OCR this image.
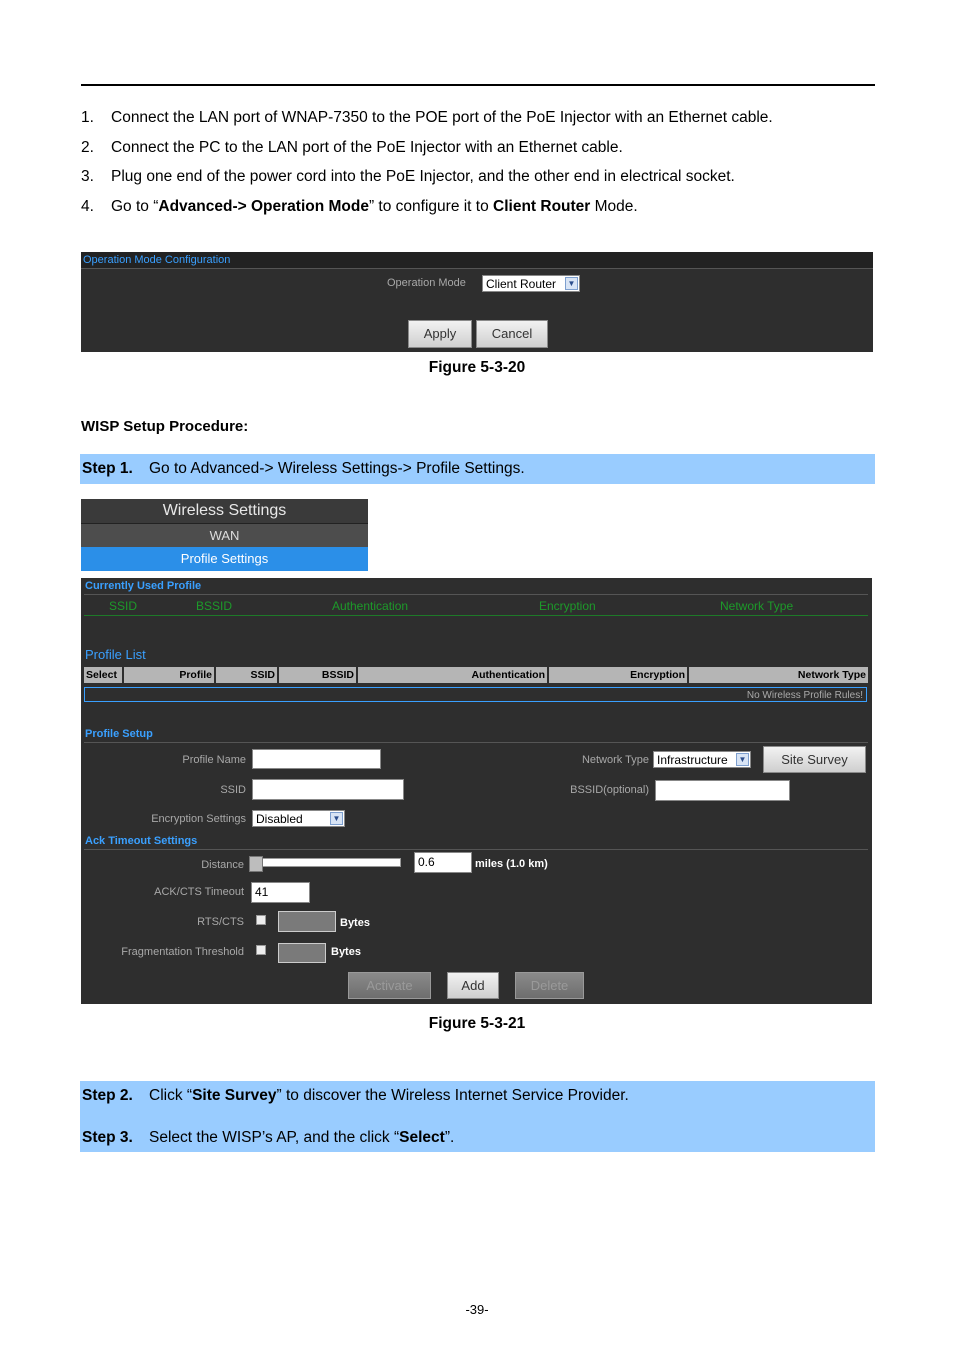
1. Connect the LAN port of WNAP-7350 to the POE port of the PoE Injector with an Ethernet cable.
2. Connect the PC to the LAN port of the PoE Injector with an Ethernet cable.
3. Plug one end of the power cord into the PoE Injector, and the other end in electrical socket.
4. Go to “Advanced-> Operation Mode” to configure it to Client Router Mode.
Operation Mode Configuration
Operation Mode	Client Router	▼
Apply	Cancel
Figure 5-3-20
WISP Setup Procedure:
Step 1. Go to Advanced-> Wireless Settings-> Profile Settings.
Wireless Settings
WAN
Profile Settings
Currently Used Profile
SSID	BSSID	Authentication	Encryption	Network Type
Profile List
Select	Profile	SSID	BSSID	Authentication	Encryption	Network Type
No Wireless Profile Rules!
Profile Setup
Profile Name	Network Type Infrastructure	▼	Site Survey
SSID	BSSID(optional)
Encryption Settings Disabled	▼
Ack Timeout Settings
Distance	0.6	miles (1.0 km)
ACK/CTS Timeout 41
RTS/CTS	Bytes
Fragmentation Threshold	Bytes
Activate	Add	Delete
Figure 5-3-21
Step 2. Click “Site Survey” to discover the Wireless Internet Service Provider.
Step 3. Select the WISP’s AP, and the click “Select”.
-39-
